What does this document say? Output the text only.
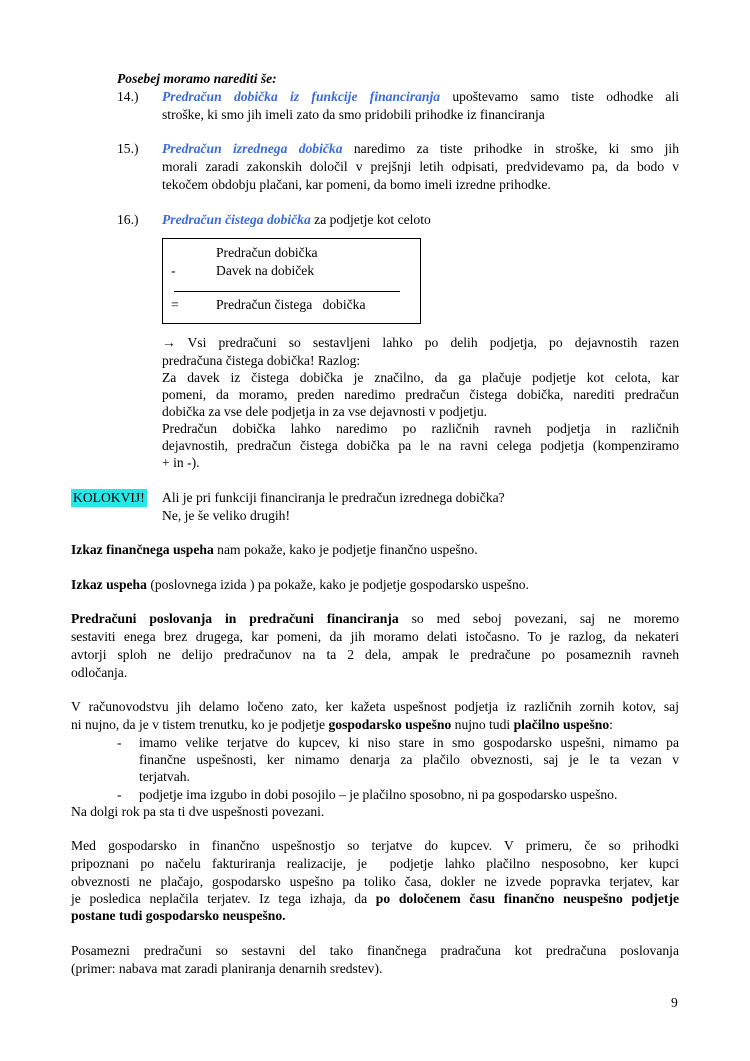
Posebej moramo narediti še:
14.) Predračun dobička iz funkcije financiranja upoštevamo samo tiste odhodke ali
stroške, ki smo jih imeli zato da smo pridobili prihodke iz financiranja
15.) Predračun izrednega dobička naredimo za tiste prihodke in stroške, ki smo jih
morali zaradi zakonskih določil v prejšnji letih odpisati, predvidevamo pa, da bodo v
tekočem obdobju plačani, kar pomeni, da bomo imeli izredne prihodke.
16.) Predračun čistega dobička za podjetje kot celoto
Predračun dobička
-	Davek na dobiček
=	Predračun čistega   dobička
→ Vsi predračuni so sestavljeni lahko po delih podjetja, po dejavnostih razen
predračuna čistega dobička! Razlog:
Za davek iz čistega dobička je značilno, da ga plačuje podjetje kot celota, kar
pomeni, da moramo, preden naredimo predračun čistega dobička, narediti predračun
dobička za vse dele podjetja in za vse dejavnosti v podjetju.
Predračun dobička lahko naredimo po različnih ravneh podjetja in različnih
dejavnostih, predračun čistega dobička pa le na ravni celega podjetja (kompenziramo
+ in -).
KOLOKVIJ! Ali je pri funkciji financiranja le predračun izrednega dobička?
Ne, je še veliko drugih!
Izkaz finančnega uspeha nam pokaže, kako je podjetje finančno uspešno.
Izkaz uspeha (poslovnega izida ) pa pokaže, kako je podjetje gospodarsko uspešno.
Predračuni poslovanja in predračuni financiranja so med seboj povezani, saj ne moremo
sestaviti enega brez drugega, kar pomeni, da jih moramo delati istočasno. To je razlog, da nekateri
avtorji sploh ne delijo predračunov na ta 2 dela, ampak le predračune po posameznih ravneh
odločanja.
V računovodstvu jih delamo ločeno zato, ker kažeta uspešnost podjetja iz različnih zornih kotov, saj
ni nujno, da je v tistem trenutku, ko je podjetje gospodarsko uspešno nujno tudi plačilno uspešno:
- imamo velike terjatve do kupcev, ki niso stare in smo gospodarsko uspešni, nimamo pa
finančne uspešnosti, ker nimamo denarja za plačilo obveznosti, saj je le ta vezan v
terjatvah.
- podjetje ima izgubo in dobi posojilo – je plačilno sposobno, ni pa gospodarsko uspešno.
Na dolgi rok pa sta ti dve uspešnosti povezani.
Med gospodarsko in finančno uspešnostjo so terjatve do kupcev. V primeru, če so prihodki
pripoznani po načelu fakturiranja realizacije, je  podjetje lahko plačilno nesposobno, ker kupci
obveznosti ne plačajo, gospodarsko uspešno pa toliko časa, dokler ne izvede popravka terjatev, kar
je posledica neplačila terjatev. Iz tega izhaja, da po določenem času finančno neuspešno podjetje
postane tudi gospodarsko neuspešno.
Posamezni predračuni so sestavni del tako finančnega pradračuna kot predračuna poslovanja
(primer: nabava mat zaradi planiranja denarnih sredstev).
9
